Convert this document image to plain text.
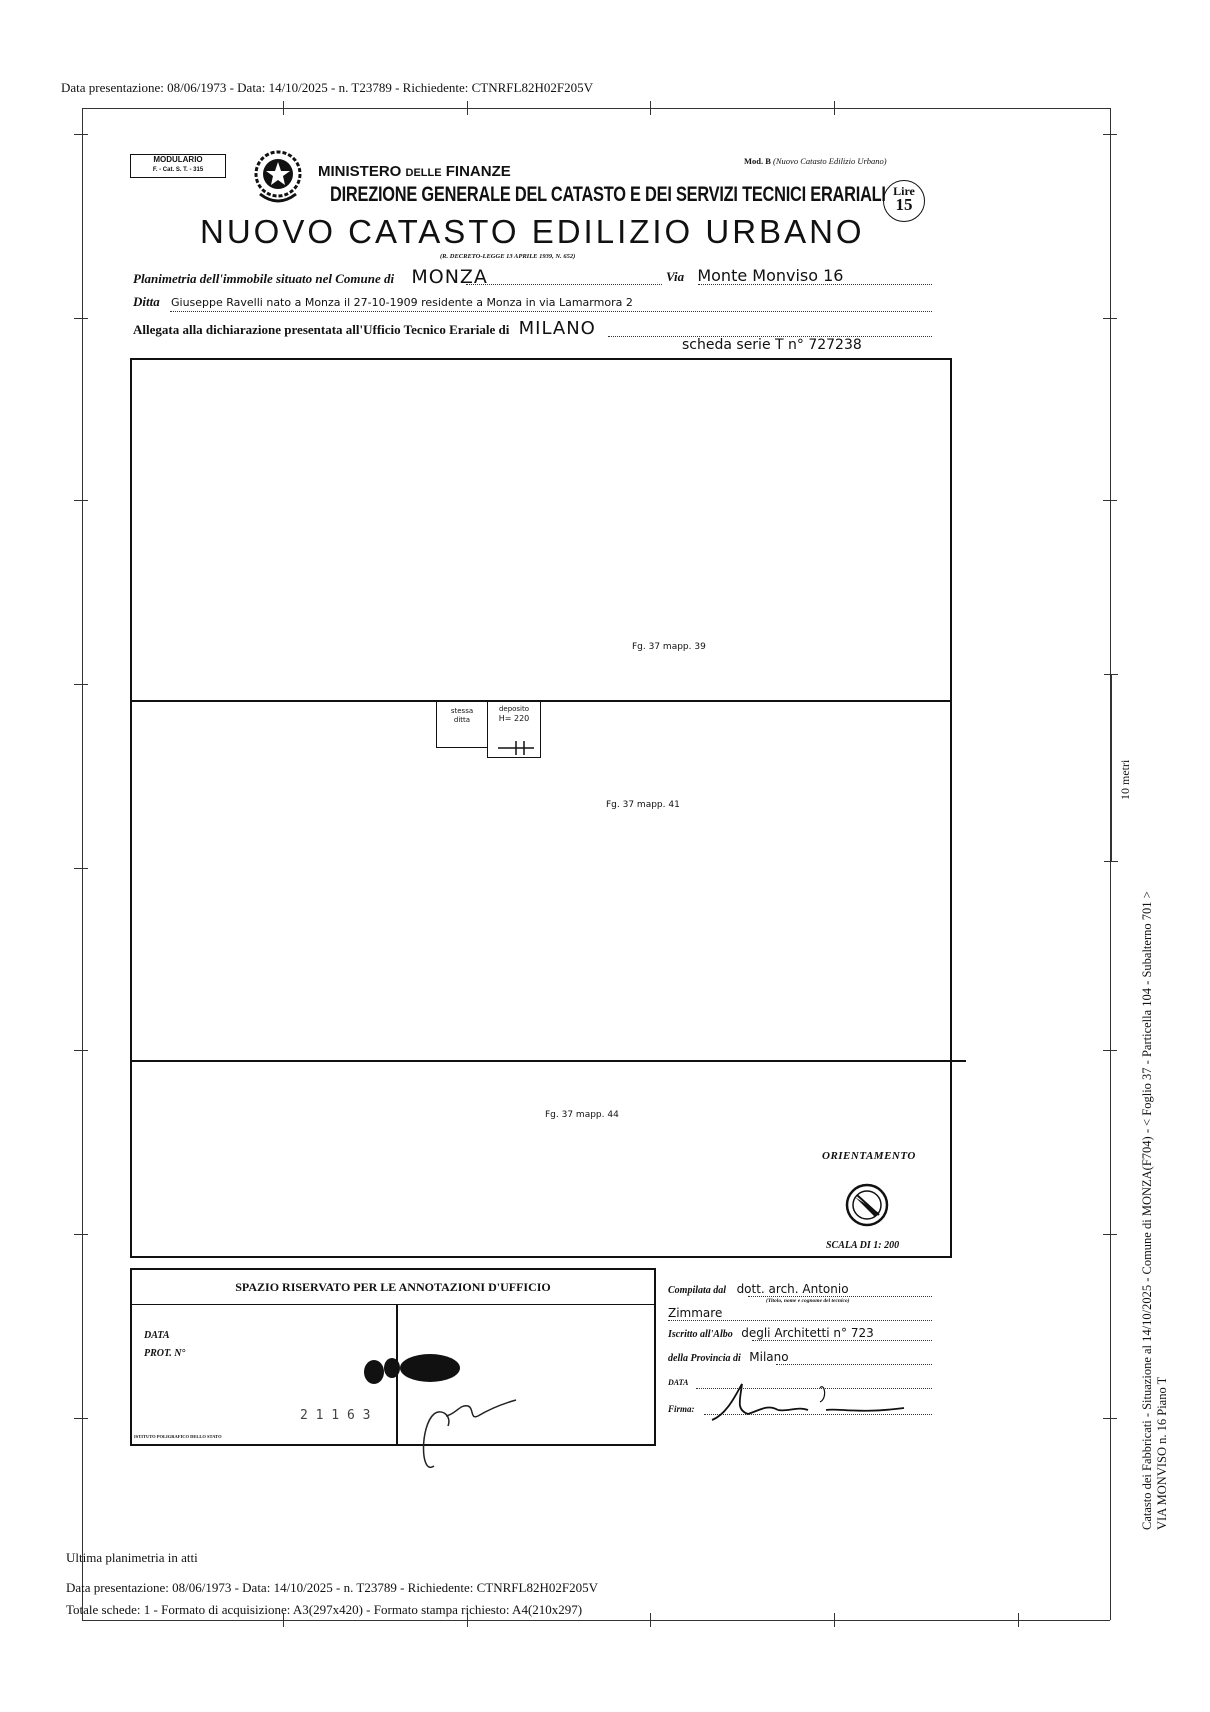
Data presentazione: 08/06/1973 - Data: 14/10/2025 - n. T23789 - Richiedente: CTNRFL82H02F205V
MODULARIO
F. - Cat. S. T. - 315	MINISTERO DELLE FINANZE
DIREZIONE GENERALE DEL CATASTO E DEI SERVIZI TECNICI ERARIALI
NUOVO CATASTO EDILIZIO URBANO
(R. DECRETO-LEGGE 13 APRILE 1939, N. 652)
Mod. B (Nuovo Catasto Edilizio Urbano)
Lire
15
Planimetria dell'immobile situato nel Comune di MONZA	Via Monte Monviso 16
Ditta Giuseppe Ravelli nato a Monza il 27-10-1909 residente a Monza in via Lamarmora 2
Allegata alla dichiarazione presentata all'Ufficio Tecnico Erariale di MILANO
scheda serie T n° 727238
Fg. 37 mapp. 39
Fg. 37 mapp. 41
Fg. 37 mapp. 44
stessa
ditta
deposito
H= 220
ORIENTAMENTO
SCALA DI 1: 200
SPAZIO RISERVATO PER LE ANNOTAZIONI D'UFFICIO
DATA
PROT. N°
2 1 1 6 3
ISTITUTO POLIGRAFICO DELLO STATO
Compilata dal dott. arch. Antonio
(Titolo, nome e cognome del tecnico)
Zimmare
Iscritto all'Albo degli Architetti n° 723
della Provincia di Milano
DATA
Firma:
Ultima planimetria in atti
Data presentazione: 08/06/1973 - Data: 14/10/2025 - n. T23789 - Richiedente: CTNRFL82H02F205V
Totale schede: 1 - Formato di acquisizione: A3(297x420) - Formato stampa richiesto: A4(210x297)
Catasto dei Fabbricati - Situazione al 14/10/2025 - Comune di MONZA(F704) - < Foglio 37 - Particella 104 - Subalterno 701 > VIA MONVISO n. 16 Piano T
10 metri
